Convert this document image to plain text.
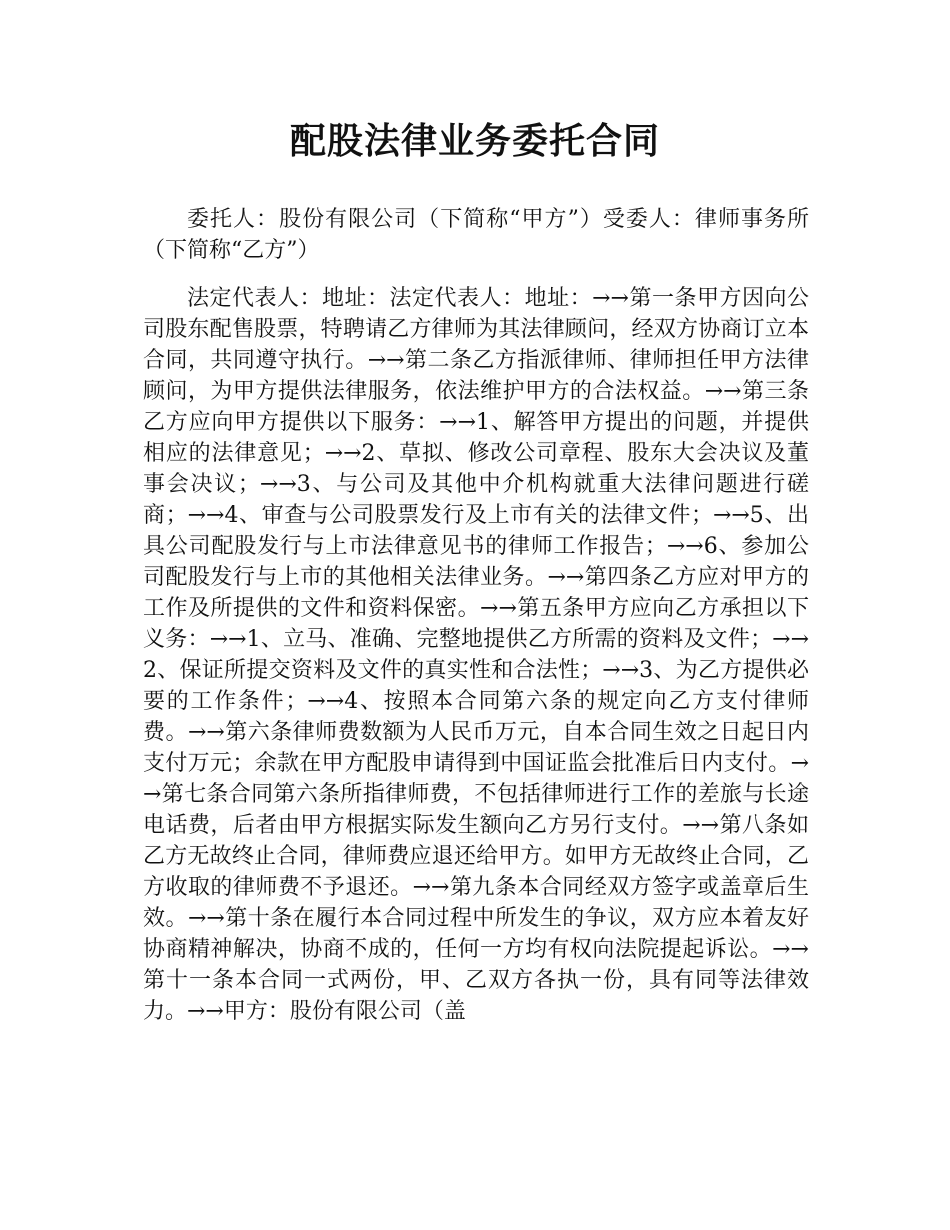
配股法律业务委托合同

委托人：股份有限公司（下简称“甲方”）受委人：律师事务所（下简称“乙方”）

法定代表人：地址：法定代表人：地址：→→第一条甲方因向公司股东配售股票，特聘请乙方律师为其法律顾问，经双方协商订立本合同，共同遵守执行。→→第二条乙方指派律师、律师担任甲方法律顾问，为甲方提供法律服务，依法维护甲方的合法权益。→→第三条乙方应向甲方提供以下服务：→→1、解答甲方提出的问题，并提供相应的法律意见；→→2、草拟、修改公司章程、股东大会决议及董事会决议；→→3、与公司及其他中介机构就重大法律问题进行磋商；→→4、审查与公司股票发行及上市有关的法律文件；→→5、出具公司配股发行与上市法律意见书的律师工作报告；→→6、参加公司配股发行与上市的其他相关法律业务。→→第四条乙方应对甲方的工作及所提供的文件和资料保密。→→第五条甲方应向乙方承担以下义务：→→1、立马、准确、完整地提供乙方所需的资料及文件；→→2、保证所提交资料及文件的真实性和合法性；→→3、为乙方提供必要的工作条件；→→4、按照本合同第六条的规定向乙方支付律师费。→→第六条律师费数额为人民币万元，自本合同生效之日起日内支付万元；余款在甲方配股申请得到中国证监会批准后日内支付。→→第七条合同第六条所指律师费，不包括律师进行工作的差旅与长途电话费，后者由甲方根据实际发生额向乙方另行支付。→→第八条如乙方无故终止合同，律师费应退还给甲方。如甲方无故终止合同，乙方收取的律师费不予退还。→→第九条本合同经双方签字或盖章后生效。→→第十条在履行本合同过程中所发生的争议，双方应本着友好协商精神解决，协商不成的，任何一方均有权向法院提起诉讼。→→第十一条本合同一式两份，甲、乙双方各执一份，具有同等法律效力。→→甲方：股份有限公司（盖
